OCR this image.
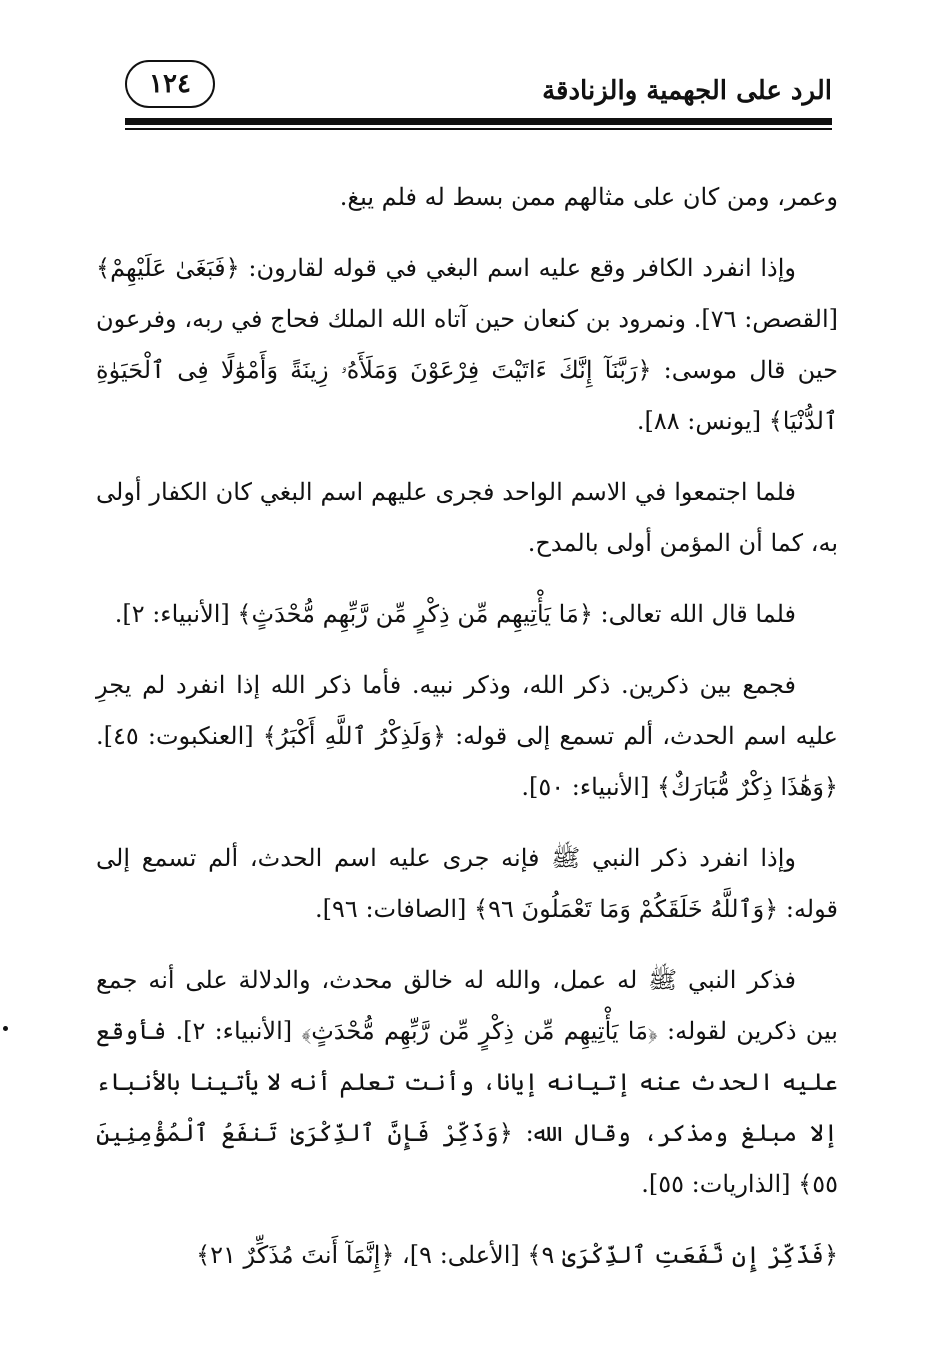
١٢٤	الرد على الجهمية والزنادقة

وعمر، ومن كان على مثالهم ممن بسط له فلم يبغ.

وإذا انفرد الكافر وقع عليه اسم البغي في قوله لقارون: ﴿فَبَغَىٰ عَلَيْهِمْ﴾ [القصص: ٧٦]. ونمرود بن كنعان حين آتاه الله الملك فحاج في ربه، وفرعون حين قال موسى: ﴿رَبَّنَآ إِنَّكَ ءَاتَيْتَ فِرْعَوْنَ وَمَلَأَهُۥ زِينَةً وَأَمْوَٰلًا فِى ٱلْحَيَوٰةِ ٱلدُّنْيَا﴾ [يونس: ٨٨].

فلما اجتمعوا في الاسم الواحد فجرى عليهم اسم البغي كان الكفار أولى به، كما أن المؤمن أولى بالمدح.

فلما قال الله تعالى: ﴿مَا يَأْتِيهِم مِّن ذِكْرٍ مِّن رَّبِّهِم مُّحْدَثٍ﴾ [الأنبياء: ٢].

فجمع بين ذكرين. ذكر الله، وذكر نبيه. فأما ذكر الله إذا انفرد لم يجرِ عليه اسم الحدث، ألم تسمع إلى قوله: ﴿وَلَذِكْرُ ٱللَّهِ أَكْبَرُ﴾ [العنكبوت: ٤٥]. ﴿وَهَٰذَا ذِكْرٌ مُّبَارَكٌ﴾ [الأنبياء: ٥٠].

وإذا انفرد ذكر النبي ﷺ فإنه جرى عليه اسم الحدث، ألم تسمع إلى قوله: ﴿وَٱللَّهُ خَلَقَكُمْ وَمَا تَعْمَلُونَ ٩٦﴾ [الصافات: ٩٦].

فذكر النبي ﷺ له عمل، والله له خالق محدث، والدلالة على أنه جمع بين ذكرين لقوله: ﴿مَا يَأْتِيهِم مِّن ذِكْرٍ مِّن رَّبِّهِم مُّحْدَثٍ﴾ [الأنبياء: ٢]. فأوقع عليه الحدث عنه إتيانه إيانا، وأنت تعلم أنه لا يأتينا بالأنباء إلا مبلغ ومذكر، وقال الله: ﴿وَذَكِّرْ فَإِنَّ ٱلذِّكْرَىٰ تَنفَعُ ٱلْمُؤْمِنِينَ ٥٥﴾ [الذاريات: ٥٥].

﴿فَذَكِّرْ إِن نَّفَعَتِ ٱلذِّكْرَىٰ ٩﴾ [الأعلى: ٩]، ﴿إِنَّمَآ أَنتَ مُذَكِّرٌ ٢١﴾
